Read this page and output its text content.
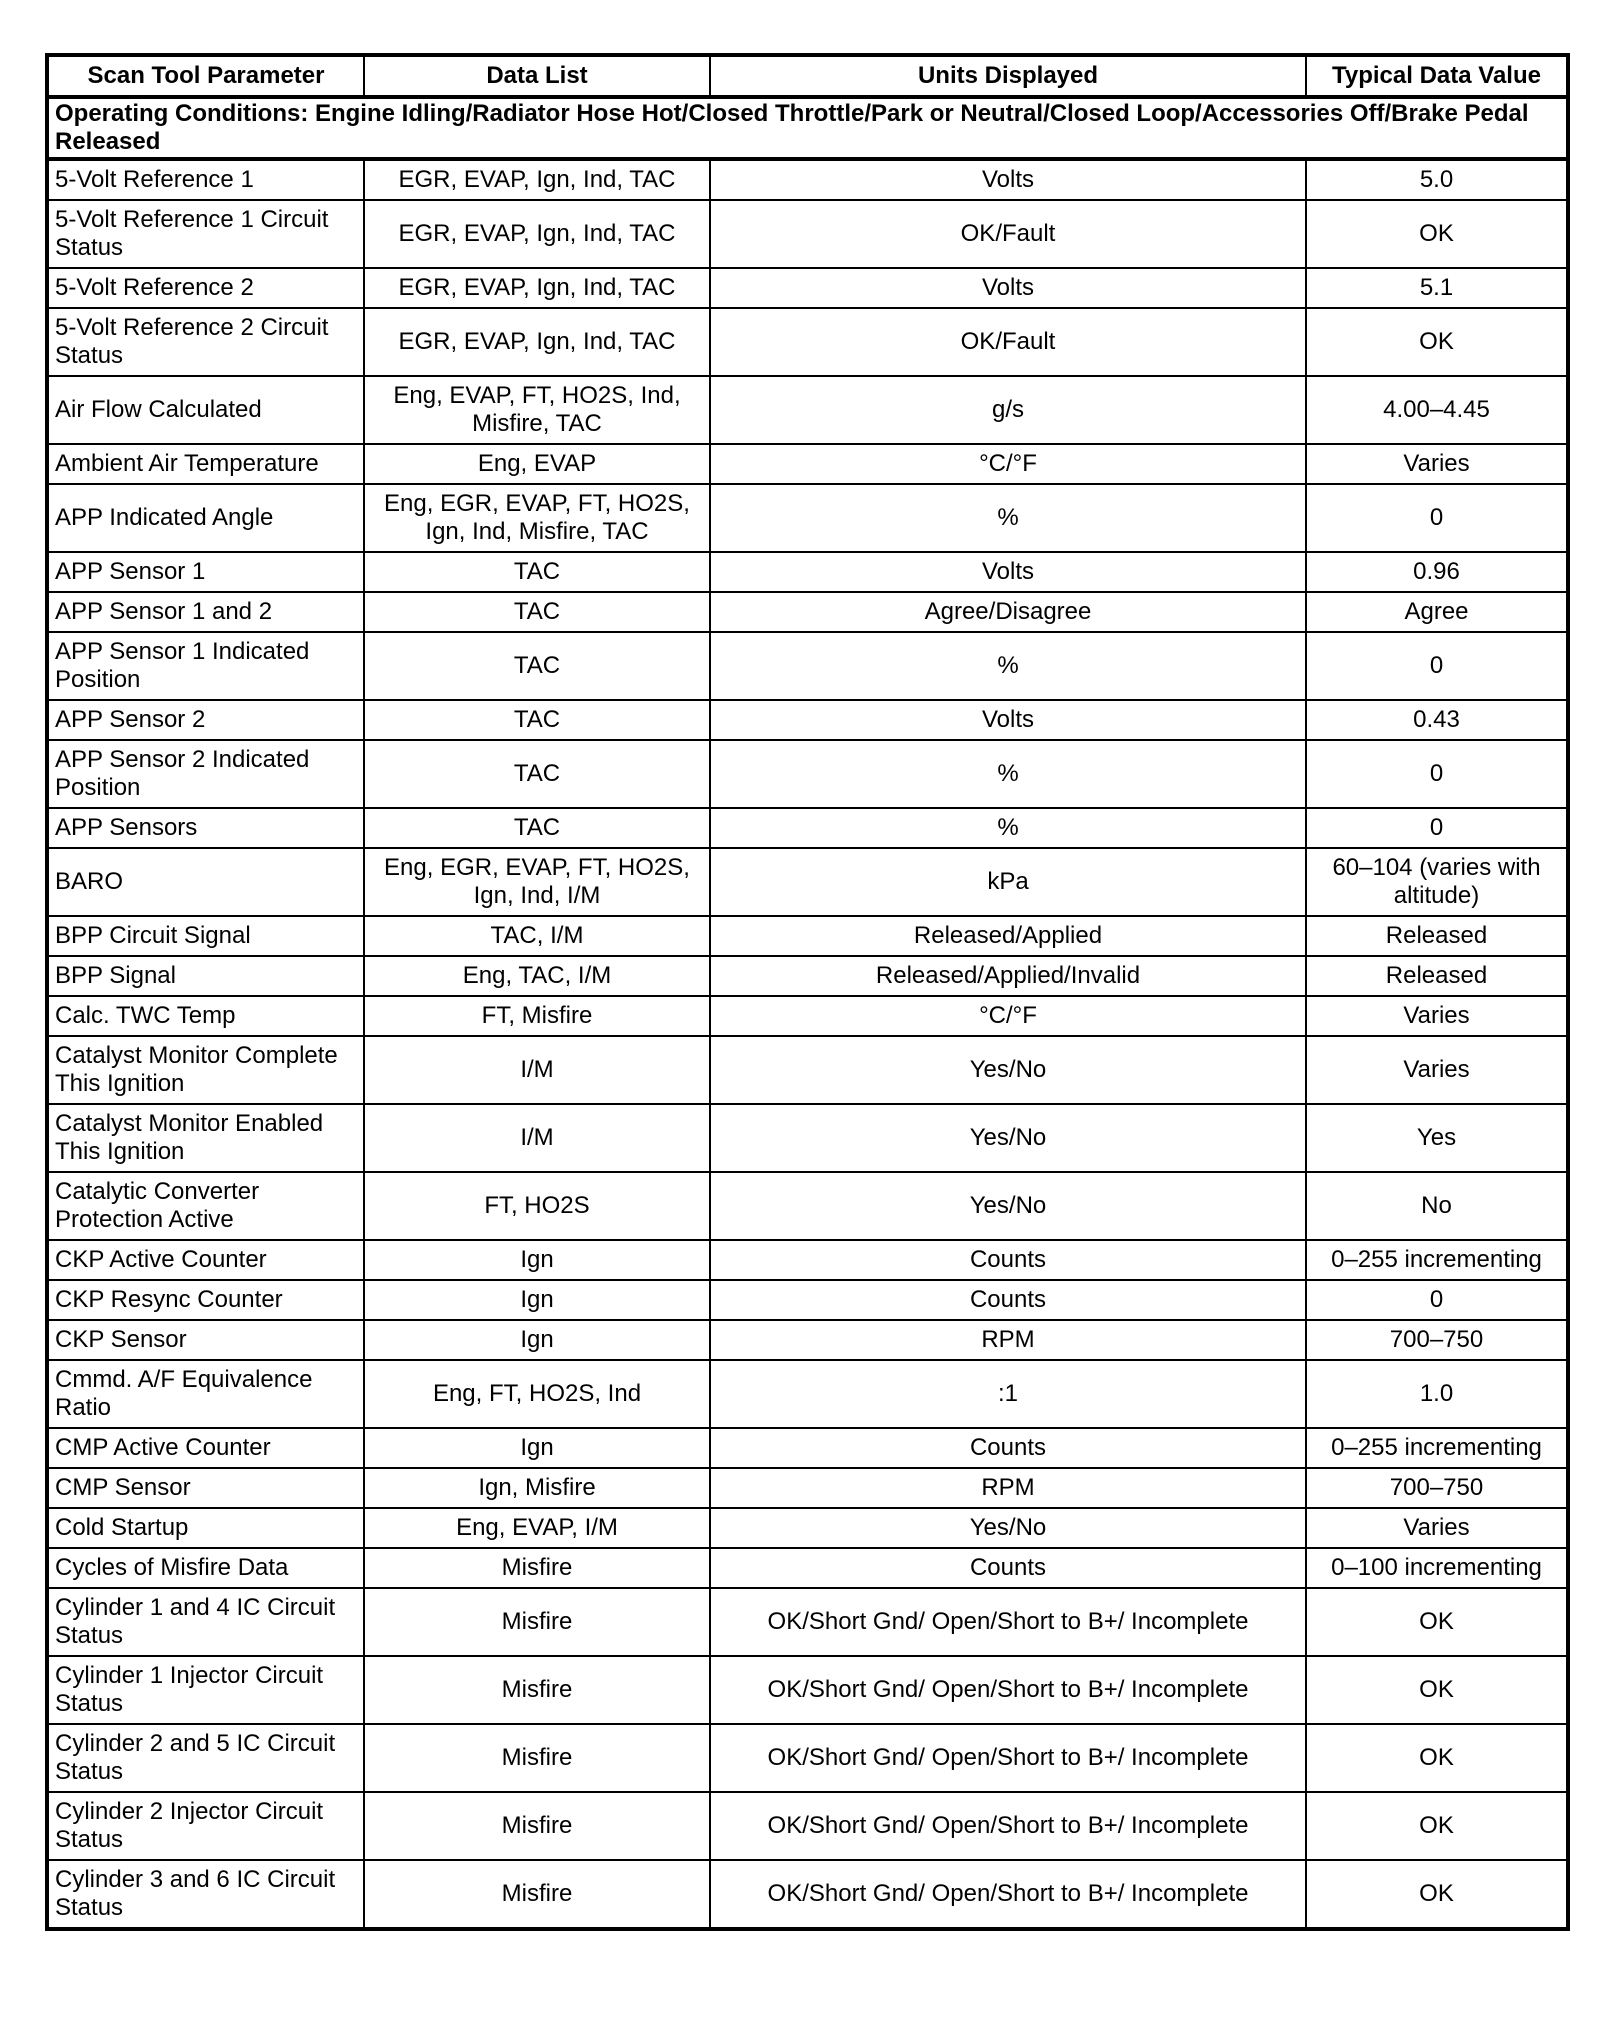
Scan Tool Parameter	Data List	Units Displayed	Typical Data Value
Operating Conditions: Engine Idling/Radiator Hose Hot/Closed Throttle/Park or Neutral/Closed Loop/Accessories Off/Brake Pedal Released			
5-Volt Reference 1	EGR, EVAP, Ign, Ind, TAC	Volts	5.0
5-Volt Reference 1 Circuit Status	EGR, EVAP, Ign, Ind, TAC	OK/Fault	OK
5-Volt Reference 2	EGR, EVAP, Ign, Ind, TAC	Volts	5.1
5-Volt Reference 2 Circuit Status	EGR, EVAP, Ign, Ind, TAC	OK/Fault	OK
Air Flow Calculated	Eng, EVAP, FT, HO2S, Ind, Misfire, TAC	g/s	4.00–4.45
Ambient Air Temperature	Eng, EVAP	°C/°F	Varies
APP Indicated Angle	Eng, EGR, EVAP, FT, HO2S, Ign, Ind, Misfire, TAC	%	0
APP Sensor 1	TAC	Volts	0.96
APP Sensor 1 and 2	TAC	Agree/Disagree	Agree
APP Sensor 1 Indicated Position	TAC	%	0
APP Sensor 2	TAC	Volts	0.43
APP Sensor 2 Indicated Position	TAC	%	0
APP Sensors	TAC	%	0
BARO	Eng, EGR, EVAP, FT, HO2S, Ign, Ind, I/M	kPa	60–104 (varies with altitude)
BPP Circuit Signal	TAC, I/M	Released/Applied	Released
BPP Signal	Eng, TAC, I/M	Released/Applied/Invalid	Released
Calc. TWC Temp	FT, Misfire	°C/°F	Varies
Catalyst Monitor Complete This Ignition	I/M	Yes/No	Varies
Catalyst Monitor Enabled This Ignition	I/M	Yes/No	Yes
Catalytic Converter Protection Active	FT, HO2S	Yes/No	No
CKP Active Counter	Ign	Counts	0–255 incrementing
CKP Resync Counter	Ign	Counts	0
CKP Sensor	Ign	RPM	700–750
Cmmd. A/F Equivalence Ratio	Eng, FT, HO2S, Ind	:1	1.0
CMP Active Counter	Ign	Counts	0–255 incrementing
CMP Sensor	Ign, Misfire	RPM	700–750
Cold Startup	Eng, EVAP, I/M	Yes/No	Varies
Cycles of Misfire Data	Misfire	Counts	0–100 incrementing
Cylinder 1 and 4 IC Circuit Status	Misfire	OK/Short Gnd/ Open/Short to B+/ Incomplete	OK
Cylinder 1 Injector Circuit Status	Misfire	OK/Short Gnd/ Open/Short to B+/ Incomplete	OK
Cylinder 2 and 5 IC Circuit Status	Misfire	OK/Short Gnd/ Open/Short to B+/ Incomplete	OK
Cylinder 2 Injector Circuit Status	Misfire	OK/Short Gnd/ Open/Short to B+/ Incomplete	OK
Cylinder 3 and 6 IC Circuit Status	Misfire	OK/Short Gnd/ Open/Short to B+/ Incomplete	OK
